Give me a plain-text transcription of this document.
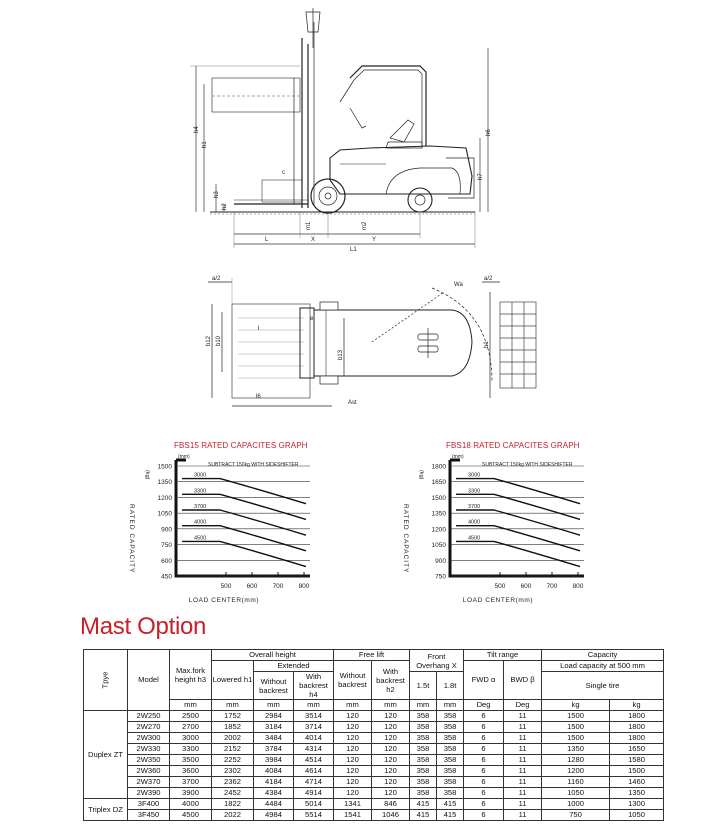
h4
h1
h3
h2
h6
h7
c
m1	m2
L	X	Y
L1
a/2	a/2
Wa
b12 b10
b13
b1
l6
l
e
Ast
FBS15 RATED CAPACITES GRAPH
1500
1350
1200
1050
900
750
600
450
500 600 700 800
3000
3300
3700
4000
4500
(mm)
SUBTRACT 150kg WITH SIDESHIFTER
(kg)
RATED CAPACITY
LOAD CENTER(mm)
FBS18 RATED CAPACITES GRAPH
1800
1650
1500
1350
1200
1050
900
750
500 600 700 800
3000
3300
3700
4000
4500
(mm)
SUBTRACT 150kg WITH SIDESHIFTER
(kg)
RATED CAPACITY
LOAD CENTER(mm)
Mast Option
Tpye	Model	Max.fork height h3	Overall height			Free lift		Front Overhang X		Tilt range		Capacity	
			Lowered h1	Extended		Without backrest	With backrest h2			FWD α	BWD β	Load capacity at 500 mm	
				Without backrest	With backrest h4			1.5t	1.8t			Single tire	
		mm	mm	mm	mm	mm	mm	mm	mm	Deg	Deg	kg	kg
Duplex ZT	2W250	2500	1752	2984	3514	120	120	358	358	6	11	1500	1800
	2W270	2700	1852	3184	3714	120	120	358	358	6	11	1500	1800
	2W300	3000	2002	3484	4014	120	120	358	358	6	11	1500	1800
	2W330	3300	2152	3784	4314	120	120	358	358	6	11	1350	1650
	2W350	3500	2252	3984	4514	120	120	358	358	6	11	1280	1580
	2W360	3600	2302	4084	4614	120	120	358	358	6	11	1200	1500
	2W370	3700	2362	4184	4714	120	120	358	358	6	11	1160	1460
	2W390	3900	2452	4384	4914	120	120	358	358	6	11	1050	1350
Triplex DZ	3F400	4000	1822	4484	5014	1341	846	415	415	6	11	1000	1300
	3F450	4500	2022	4984	5514	1541	1046	415	415	6	11	750	1050
